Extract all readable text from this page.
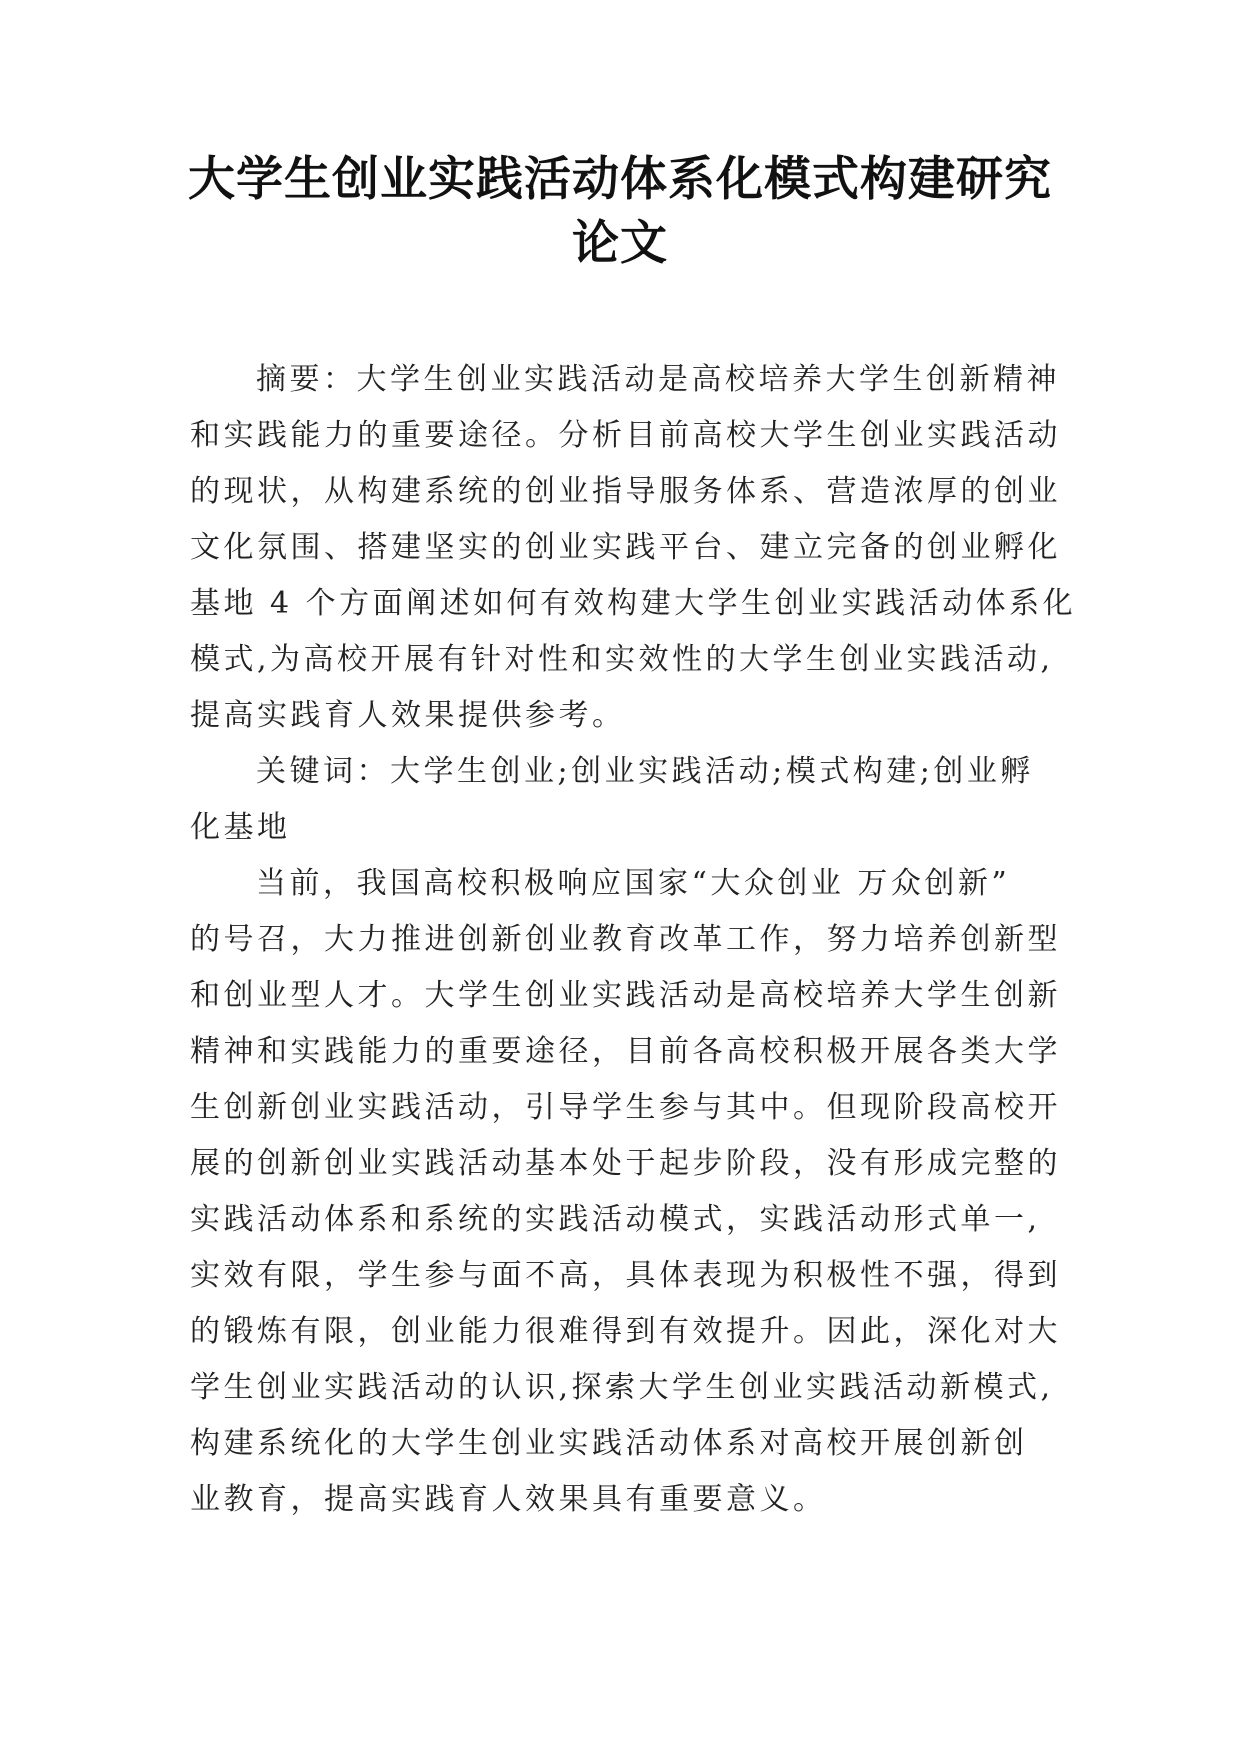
大学生创业实践活动体系化模式构建研究
论文

摘要：大学生创业实践活动是高校培养大学生创新精神
和实践能力的重要途径。分析目前高校大学生创业实践活动
的现状，从构建系统的创业指导服务体系、营造浓厚的创业
文化氛围、搭建坚实的创业实践平台、建立完备的创业孵化
基地 4 个方面阐述如何有效构建大学生创业实践活动体系化
模式,为高校开展有针对性和实效性的大学生创业实践活动,
提高实践育人效果提供参考。

关键词：大学生创业;创业实践活动;模式构建;创业孵
化基地

当前，我国高校积极响应国家“大众创业 万众创新”
的号召，大力推进创新创业教育改革工作，努力培养创新型
和创业型人才。大学生创业实践活动是高校培养大学生创新
精神和实践能力的重要途径，目前各高校积极开展各类大学
生创新创业实践活动，引导学生参与其中。但现阶段高校开
展的创新创业实践活动基本处于起步阶段，没有形成完整的
实践活动体系和系统的实践活动模式，实践活动形式单一,
实效有限，学生参与面不高，具体表现为积极性不强，得到
的锻炼有限，创业能力很难得到有效提升。因此，深化对大
学生创业实践活动的认识,探索大学生创业实践活动新模式,
构建系统化的大学生创业实践活动体系对高校开展创新创
业教育，提高实践育人效果具有重要意义。
